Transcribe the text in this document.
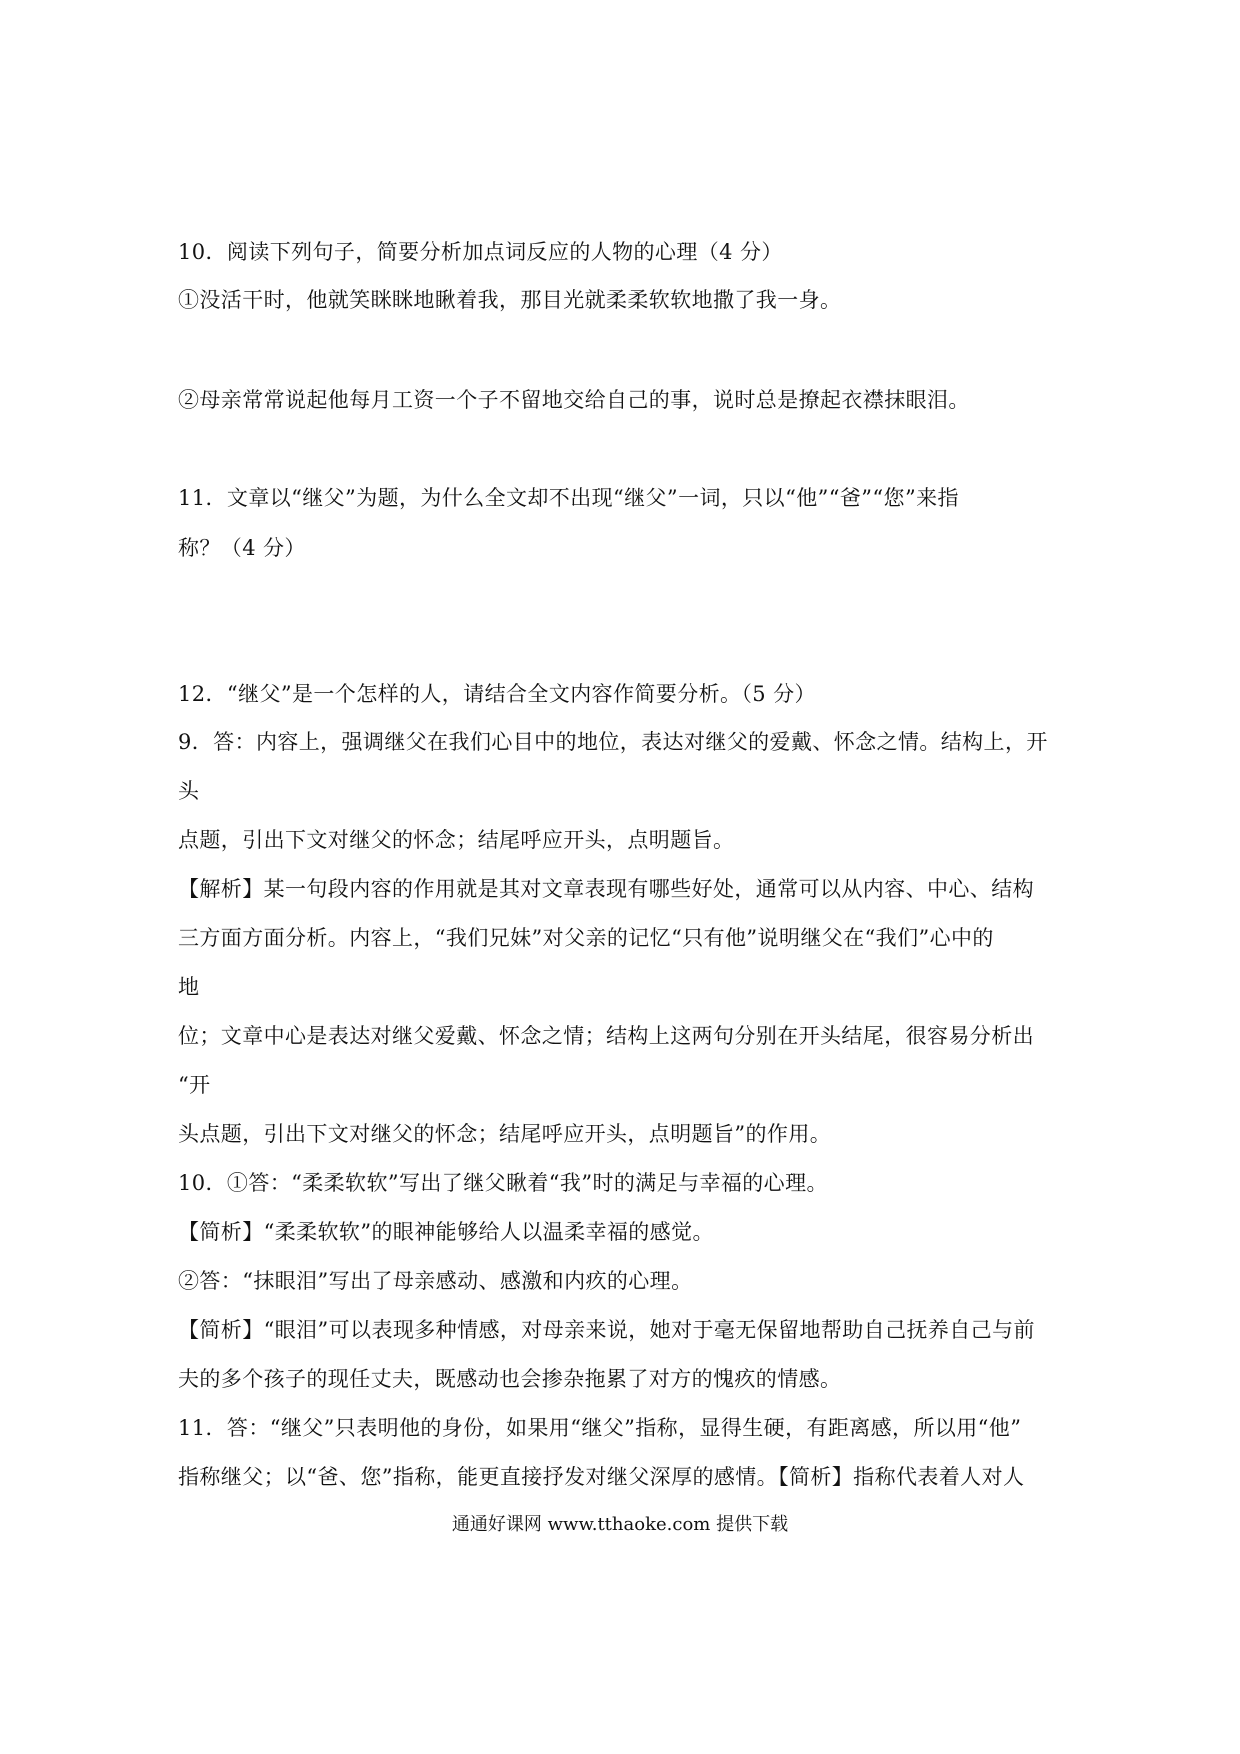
10．阅读下列句子，简要分析加点词反应的人物的心理（4 分）
①没活干时，他就笑眯眯地瞅着我，那目光就柔柔软软地撒了我一身。
②母亲常常说起他每月工资一个子不留地交给自己的事，说时总是撩起衣襟抹眼泪。
11．文章以“继父”为题，为什么全文却不出现“继父”一词，只以“他”“爸”“您”来指
称？（4 分）
12．“继父”是一个怎样的人，请结合全文内容作简要分析。（5 分）
9．答：内容上，强调继父在我们心目中的地位，表达对继父的爱戴、怀念之情。结构上，开
头
点题，引出下文对继父的怀念；结尾呼应开头，点明题旨。
【解析】某一句段内容的作用就是其对文章表现有哪些好处，通常可以从内容、中心、结构
三方面方面分析。内容上，“我们兄妹”对父亲的记忆“只有他”说明继父在“我们”心中的
地
位；文章中心是表达对继父爱戴、怀念之情；结构上这两句分别在开头结尾，很容易分析出
“开
头点题，引出下文对继父的怀念；结尾呼应开头，点明题旨”的作用。
10．①答：“柔柔软软”写出了继父瞅着“我”时的满足与幸福的心理。
【简析】“柔柔软软”的眼神能够给人以温柔幸福的感觉。
②答：“抹眼泪”写出了母亲感动、感激和内疚的心理。
【简析】“眼泪”可以表现多种情感，对母亲来说，她对于毫无保留地帮助自己抚养自己与前
夫的多个孩子的现任丈夫，既感动也会掺杂拖累了对方的愧疚的情感。
11．答：“继父”只表明他的身份，如果用“继父”指称，显得生硬，有距离感，所以用“他”
指称继父；以“爸、您”指称，能更直接抒发对继父深厚的感情。【简析】指称代表着人对人
通通好课网 www.tthaoke.com 提供下载
